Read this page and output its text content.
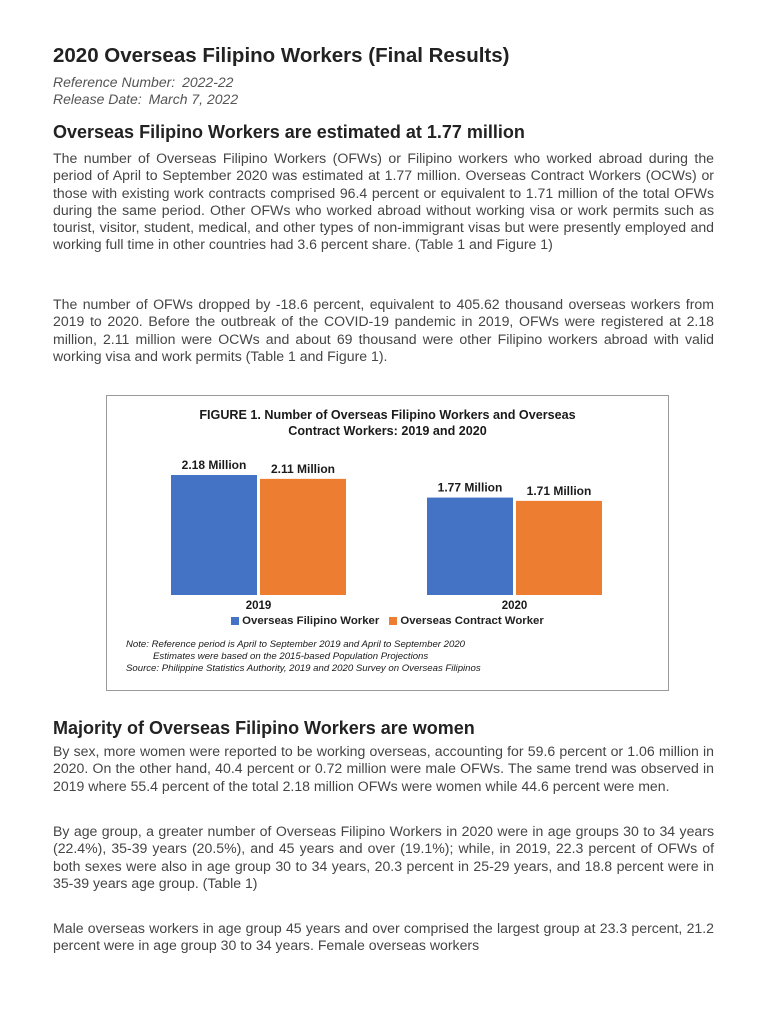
2020 Overseas Filipino Workers (Final Results)
Reference Number: 2022-22
Release Date: March 7, 2022
Overseas Filipino Workers are estimated at 1.77 million

The number of Overseas Filipino Workers (OFWs) or Filipino workers who worked abroad during the period of April to September 2020 was estimated at 1.77 million. Overseas Contract Workers (OCWs) or those with existing work contracts comprised 96.4 percent or equivalent to 1.71 million of the total OFWs during the same period. Other OFWs who worked abroad without working visa or work permits such as tourist, visitor, student, medical, and other types of non-immigrant visas but were presently employed and working full time in other countries had 3.6 percent share. (Table 1 and Figure 1)

The number of OFWs dropped by -18.6 percent, equivalent to 405.62 thousand overseas workers from 2019 to 2020. Before the outbreak of the COVID-19 pandemic in 2019, OFWs were registered at 2.18 million, 2.11 million were OCWs and about 69 thousand were other Filipino workers abroad with valid working visa and work permits (Table 1 and Figure 1).

FIGURE 1. Number of Overseas Filipino Workers and Overseas
Contract Workers: 2019 and 2020
2.18 Million 2.11 Million
2019
1.77 Million 1.71 Million
2020
Overseas Filipino Worker Overseas Contract Worker
Note: Reference period is April to September 2019 and April to September 2020
Estimates were based on the 2015-based Population Projections
Source: Philippine Statistics Authority, 2019 and 2020 Survey on Overseas Filipinos
Majority of Overseas Filipino Workers are women

By sex, more women were reported to be working overseas, accounting for 59.6 percent or 1.06 million in 2020. On the other hand, 40.4 percent or 0.72 million were male OFWs. The same trend was observed in 2019 where 55.4 percent of the total 2.18 million OFWs were women while 44.6 percent were men.

By age group, a greater number of Overseas Filipino Workers in 2020 were in age groups 30 to 34 years (22.4%), 35-39 years (20.5%), and 45 years and over (19.1%); while, in 2019, 22.3 percent of OFWs of both sexes were also in age group 30 to 34 years, 20.3 percent in 25-29 years, and 18.8 percent were in 35-39 years age group. (Table 1)

Male overseas workers in age group 45 years and over comprised the largest group at 23.3 percent, 21.2 percent were in age group 30 to 34 years. Female overseas workers
